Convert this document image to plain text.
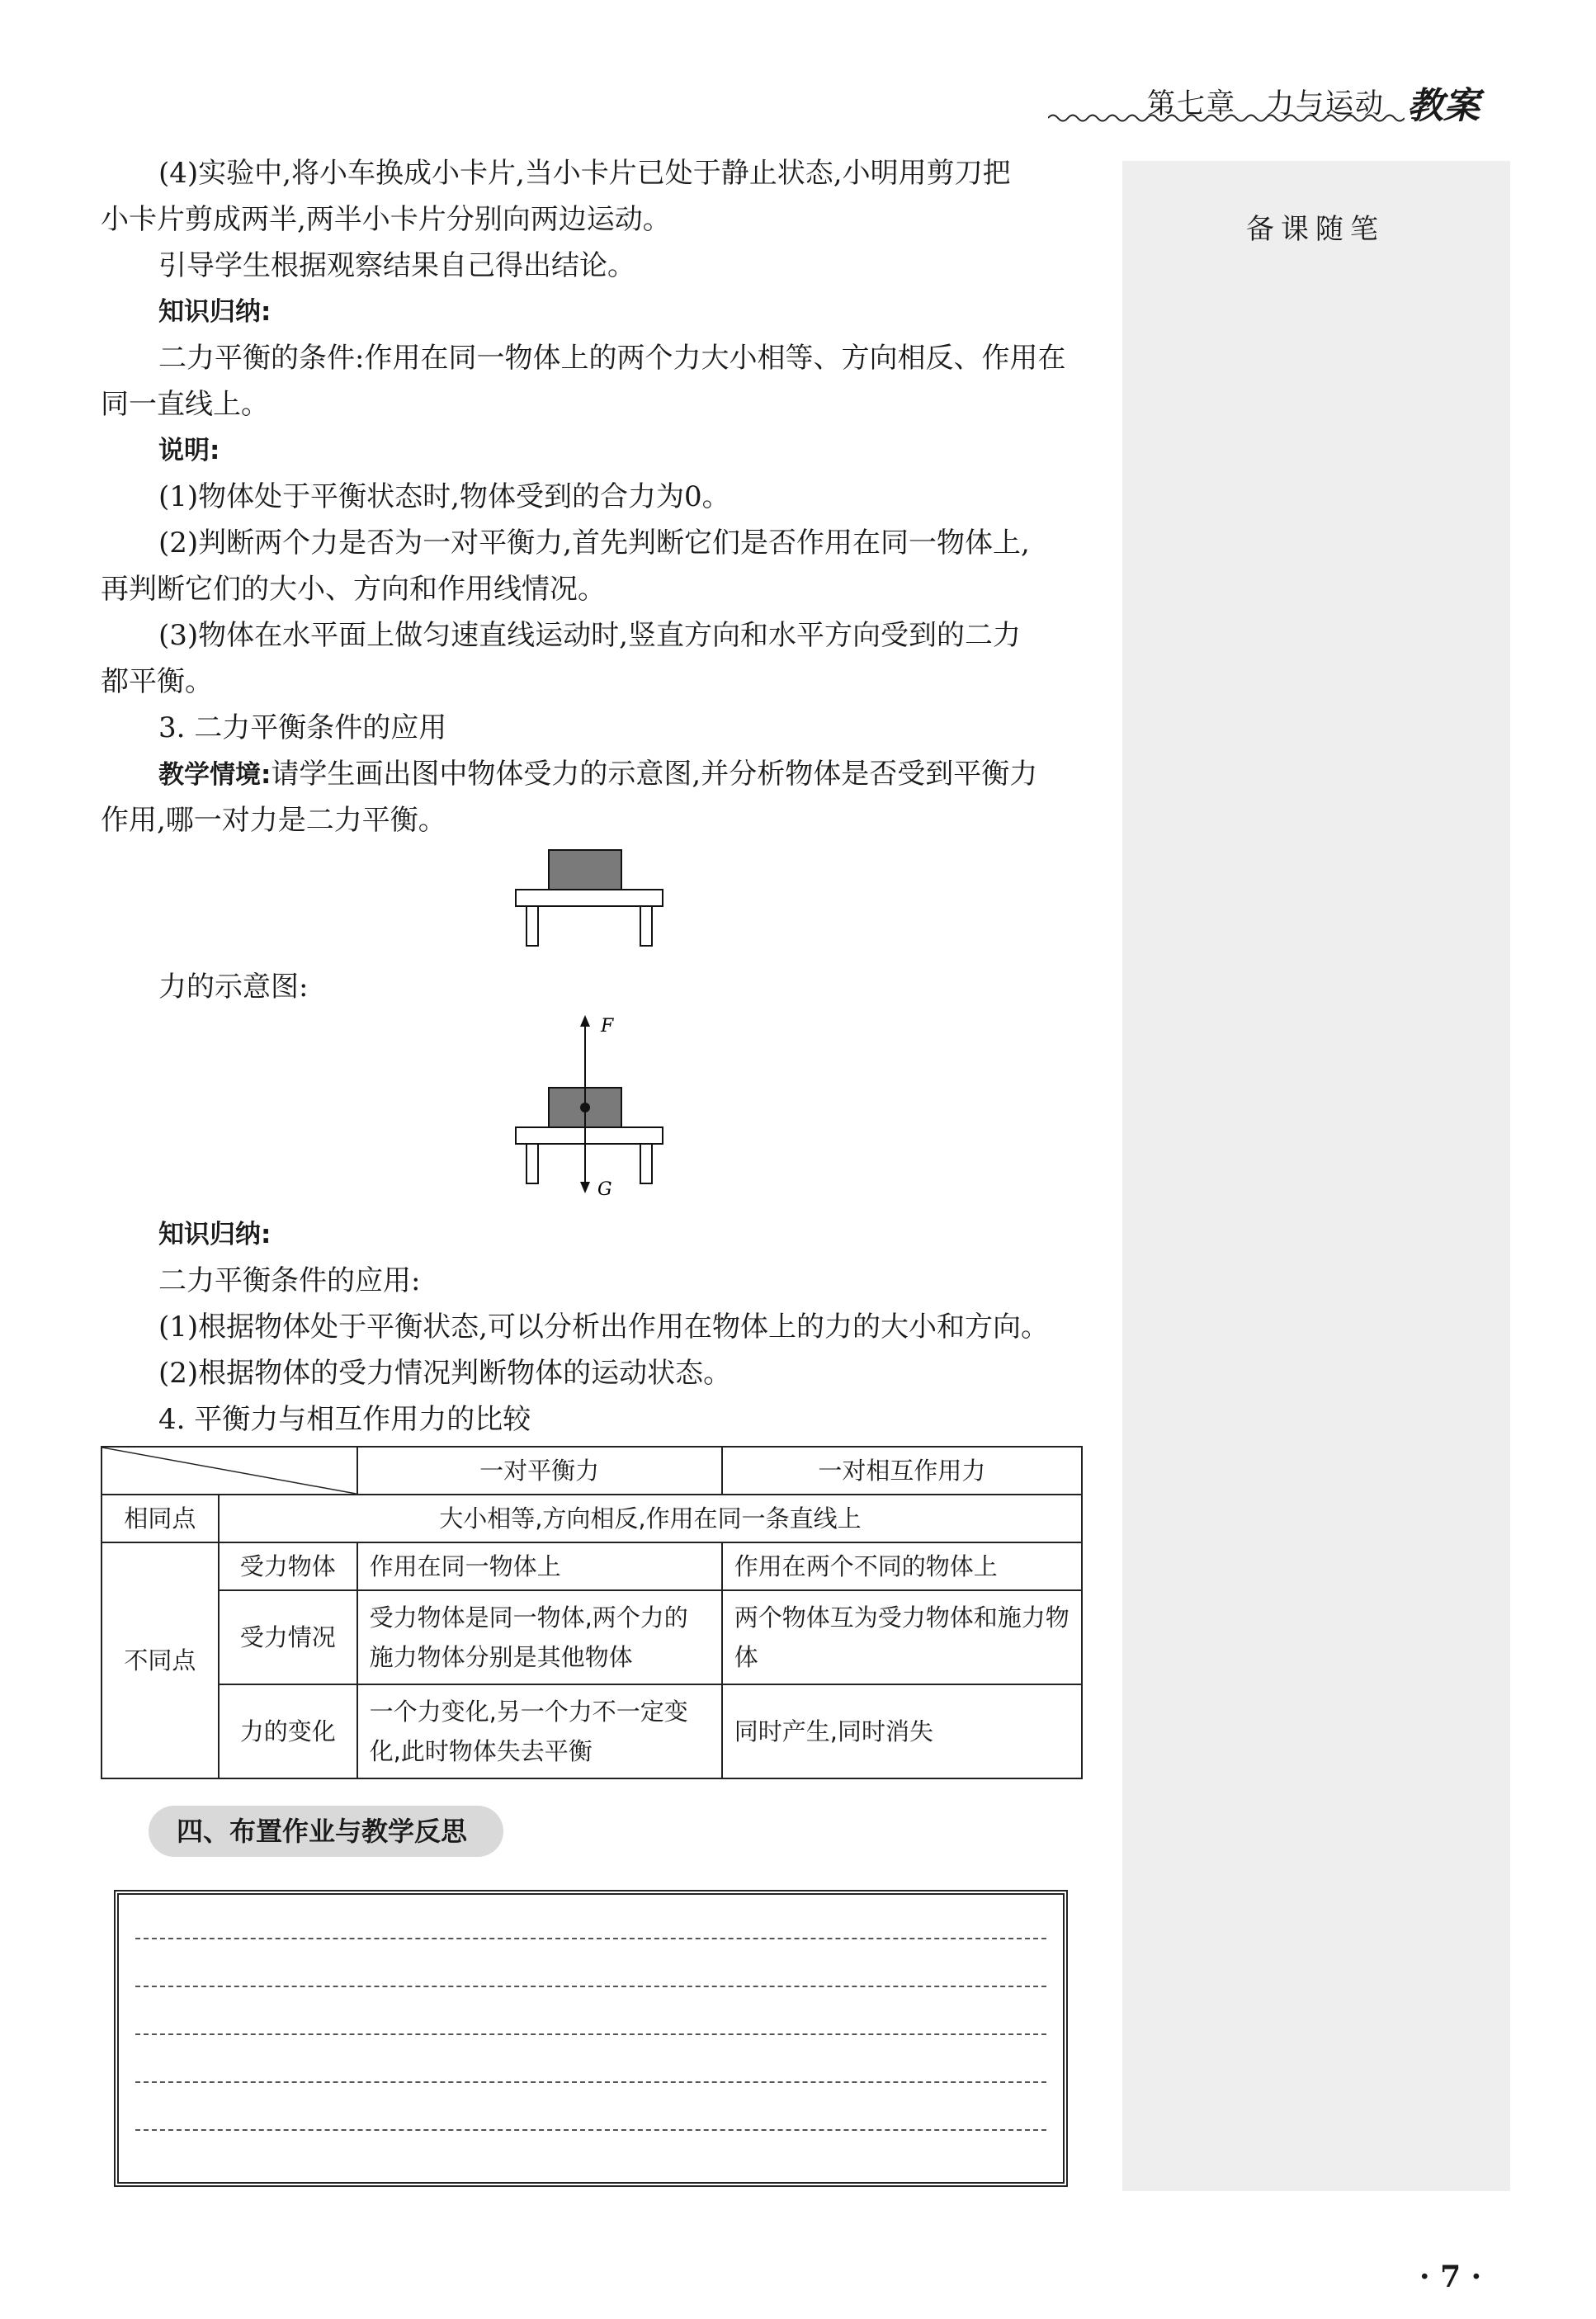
第七章　力与运动 教案
备课随笔
(4)实验中,将小车换成小卡片,当小卡片已处于静止状态,小明用剪刀把
小卡片剪成两半,两半小卡片分别向两边运动。
引导学生根据观察结果自己得出结论。
知识归纳:
二力平衡的条件:作用在同一物体上的两个力大小相等、方向相反、作用在
同一直线上。
说明:
(1)物体处于平衡状态时,物体受到的合力为0。
(2)判断两个力是否为一对平衡力,首先判断它们是否作用在同一物体上,
再判断它们的大小、方向和作用线情况。
(3)物体在水平面上做匀速直线运动时,竖直方向和水平方向受到的二力
都平衡。
3. 二力平衡条件的应用
教学情境:请学生画出图中物体受力的示意图,并分析物体是否受到平衡力
作用,哪一对力是二力平衡。
力的示意图:
F
G
知识归纳:
二力平衡条件的应用:
(1)根据物体处于平衡状态,可以分析出作用在物体上的力的大小和方向。
(2)根据物体的受力情况判断物体的运动状态。
4. 平衡力与相互作用力的比较
	一对平衡力	一对相互作用力
相同点	大小相等,方向相反,作用在同一条直线上		
不同点	受力物体	作用在同一物体上	作用在两个不同的物体上
	受力情况	受力物体是同一物体,两个力的施力物体分别是其他物体	两个物体互为受力物体和施力物体
	力的变化	一个力变化,另一个力不一定变化,此时物体失去平衡	同时产生,同时消失
四、布置作业与教学反思
· 7 ·
